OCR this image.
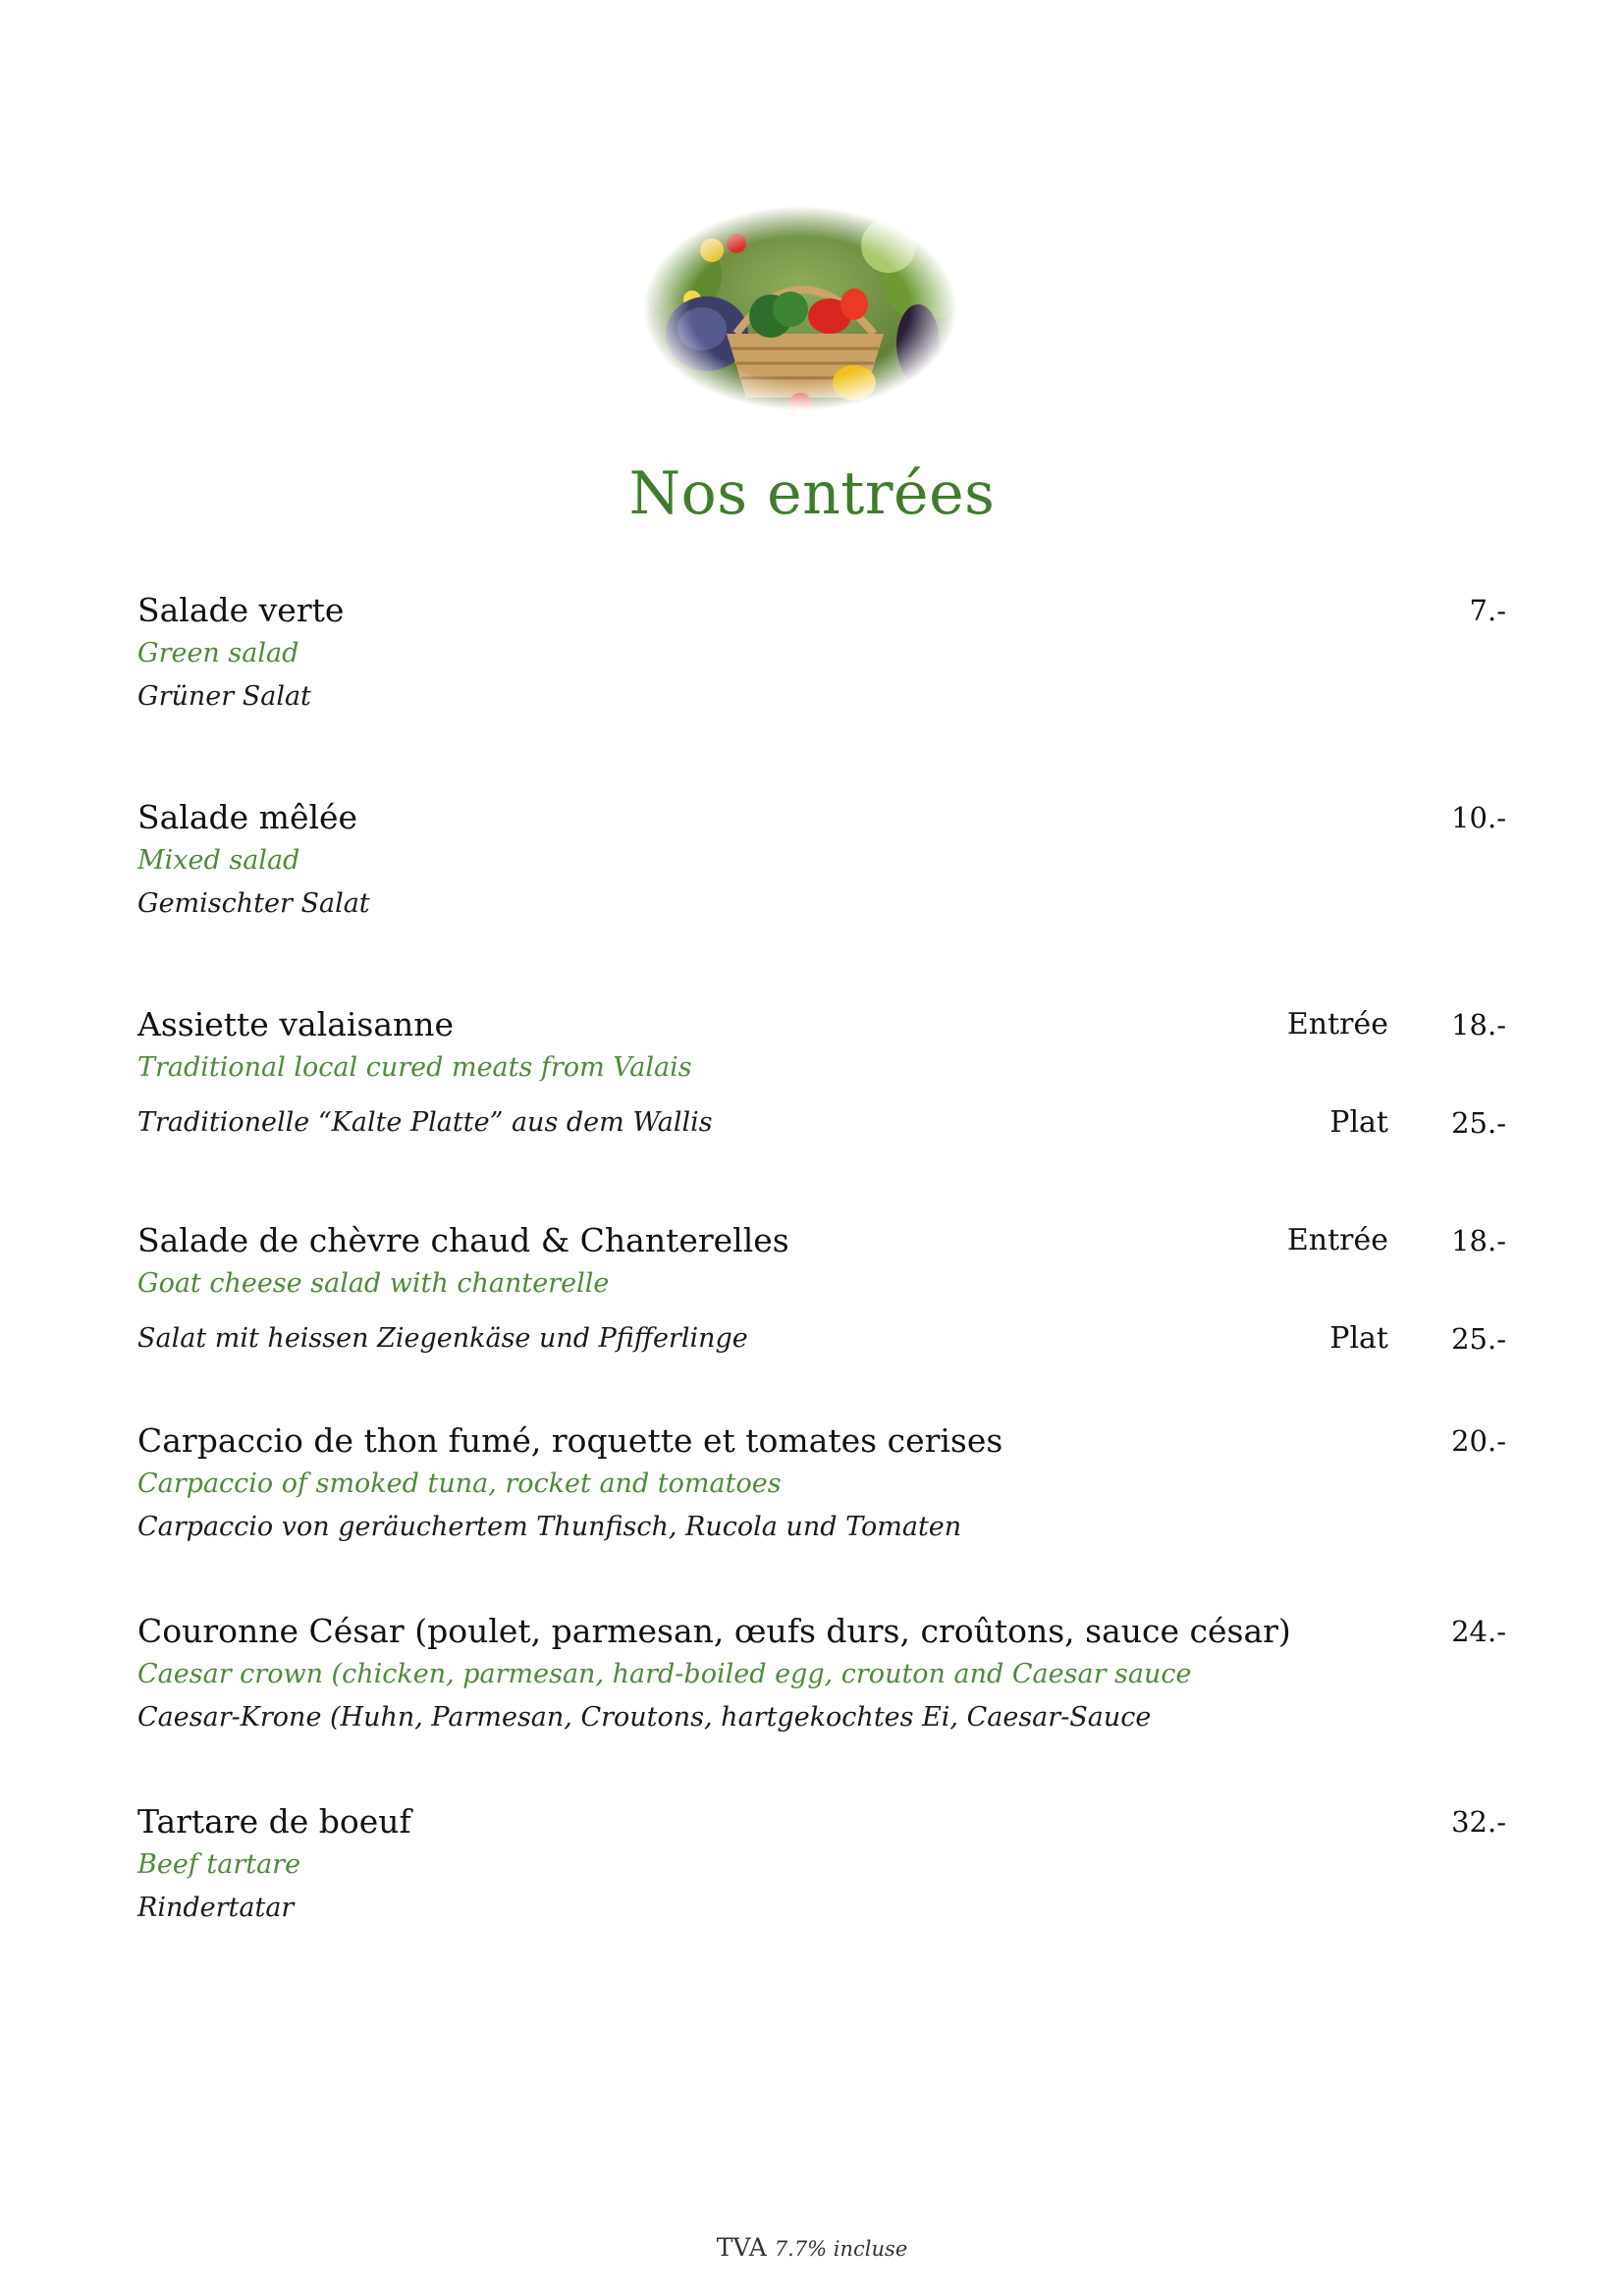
Nos entrées
Salade verte	7.-
Green salad
Grüner Salat
Salade mêlée	10.-
Mixed salad
Gemischter Salat
Assiette valaisanne	Entrée 18.-
Traditional local cured meats from Valais
Traditionelle “Kalte Platte” aus dem Wallis	Plat 25.-
Salade de chèvre chaud & Chanterelles	Entrée 18.-
Goat cheese salad with chanterelle
Salat mit heissen Ziegenkäse und Pfifferlinge	Plat 25.-
Carpaccio de thon fumé, roquette et tomates cerises	20.-
Carpaccio of smoked tuna, rocket and tomatoes
Carpaccio von geräuchertem Thunfisch, Rucola und Tomaten
Couronne César (poulet, parmesan, œufs durs, croûtons, sauce césar)	24.-
Caesar crown (chicken, parmesan, hard-boiled egg, crouton and Caesar sauce
Caesar-Krone (Huhn, Parmesan, Croutons, hartgekochtes Ei, Caesar-Sauce
Tartare de boeuf	32.-
Beef tartare
Rindertatar
TVA 7.7% incluse
